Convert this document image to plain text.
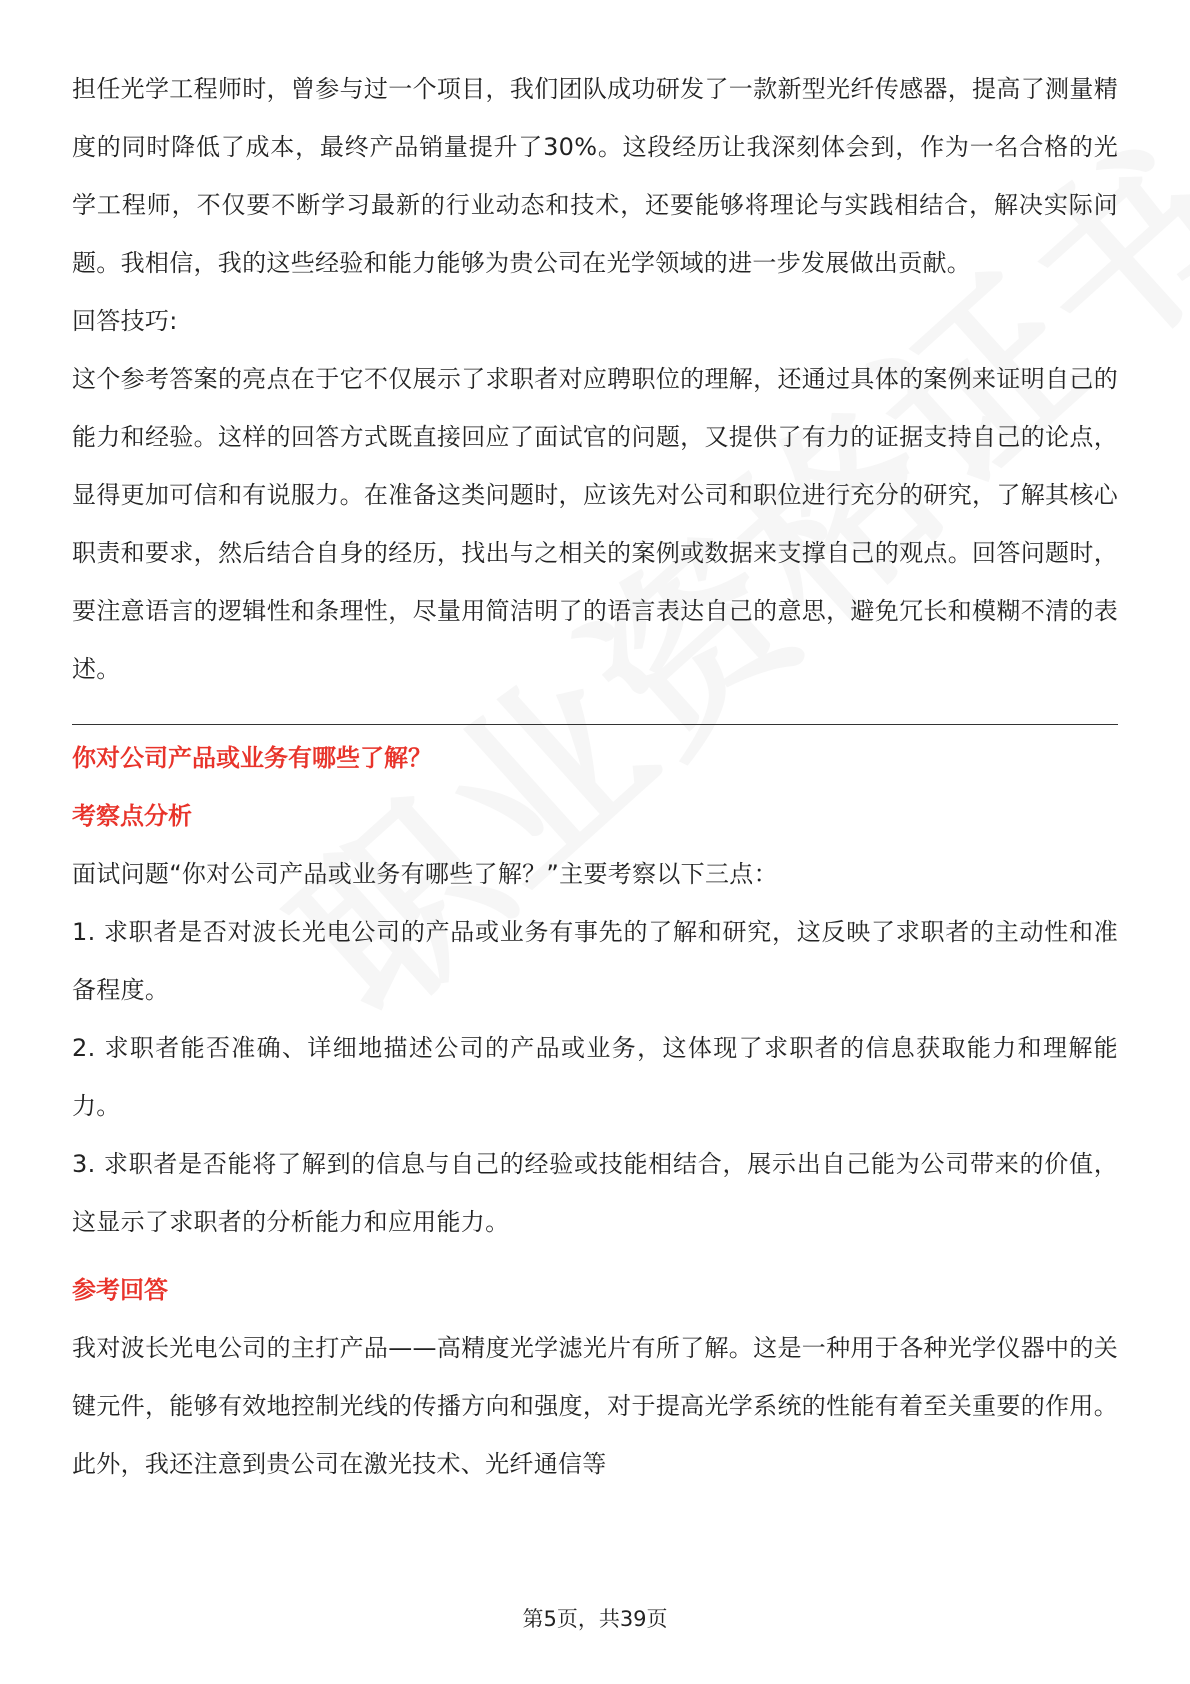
担任光学工程师时，曾参与过一个项目，我们团队成功研发了一款新型光纤传感器，提高了测量精度的同时降低了成本，最终产品销量提升了30%。这段经历让我深刻体会到，作为一名合格的光学工程师，不仅要不断学习最新的行业动态和技术，还要能够将理论与实践相结合，解决实际问题。我相信，我的这些经验和能力能够为贵公司在光学领域的进一步发展做出贡献。

回答技巧:

这个参考答案的亮点在于它不仅展示了求职者对应聘职位的理解，还通过具体的案例来证明自己的能力和经验。这样的回答方式既直接回应了面试官的问题，又提供了有力的证据支持自己的论点，显得更加可信和有说服力。在准备这类问题时，应该先对公司和职位进行充分的研究，了解其核心职责和要求，然后结合自身的经历，找出与之相关的案例或数据来支撑自己的观点。回答问题时，要注意语言的逻辑性和条理性，尽量用简洁明了的语言表达自己的意思，避免冗长和模糊不清的表述。

你对公司产品或业务有哪些了解？
考察点分析

面试问题“你对公司产品或业务有哪些了解？”主要考察以下三点：

1. 求职者是否对波长光电公司的产品或业务有事先的了解和研究，这反映了求职者的主动性和准备程度。

2. 求职者能否准确、详细地描述公司的产品或业务，这体现了求职者的信息获取能力和理解能力。

3. 求职者是否能将了解到的信息与自己的经验或技能相结合，展示出自己能为公司带来的价值，这显示了求职者的分析能力和应用能力。

参考回答

我对波长光电公司的主打产品——高精度光学滤光片有所了解。这是一种用于各种光学仪器中的关键元件，能够有效地控制光线的传播方向和强度，对于提高光学系统的性能有着至关重要的作用。此外，我还注意到贵公司在激光技术、光纤通信等

第5页，共39页
